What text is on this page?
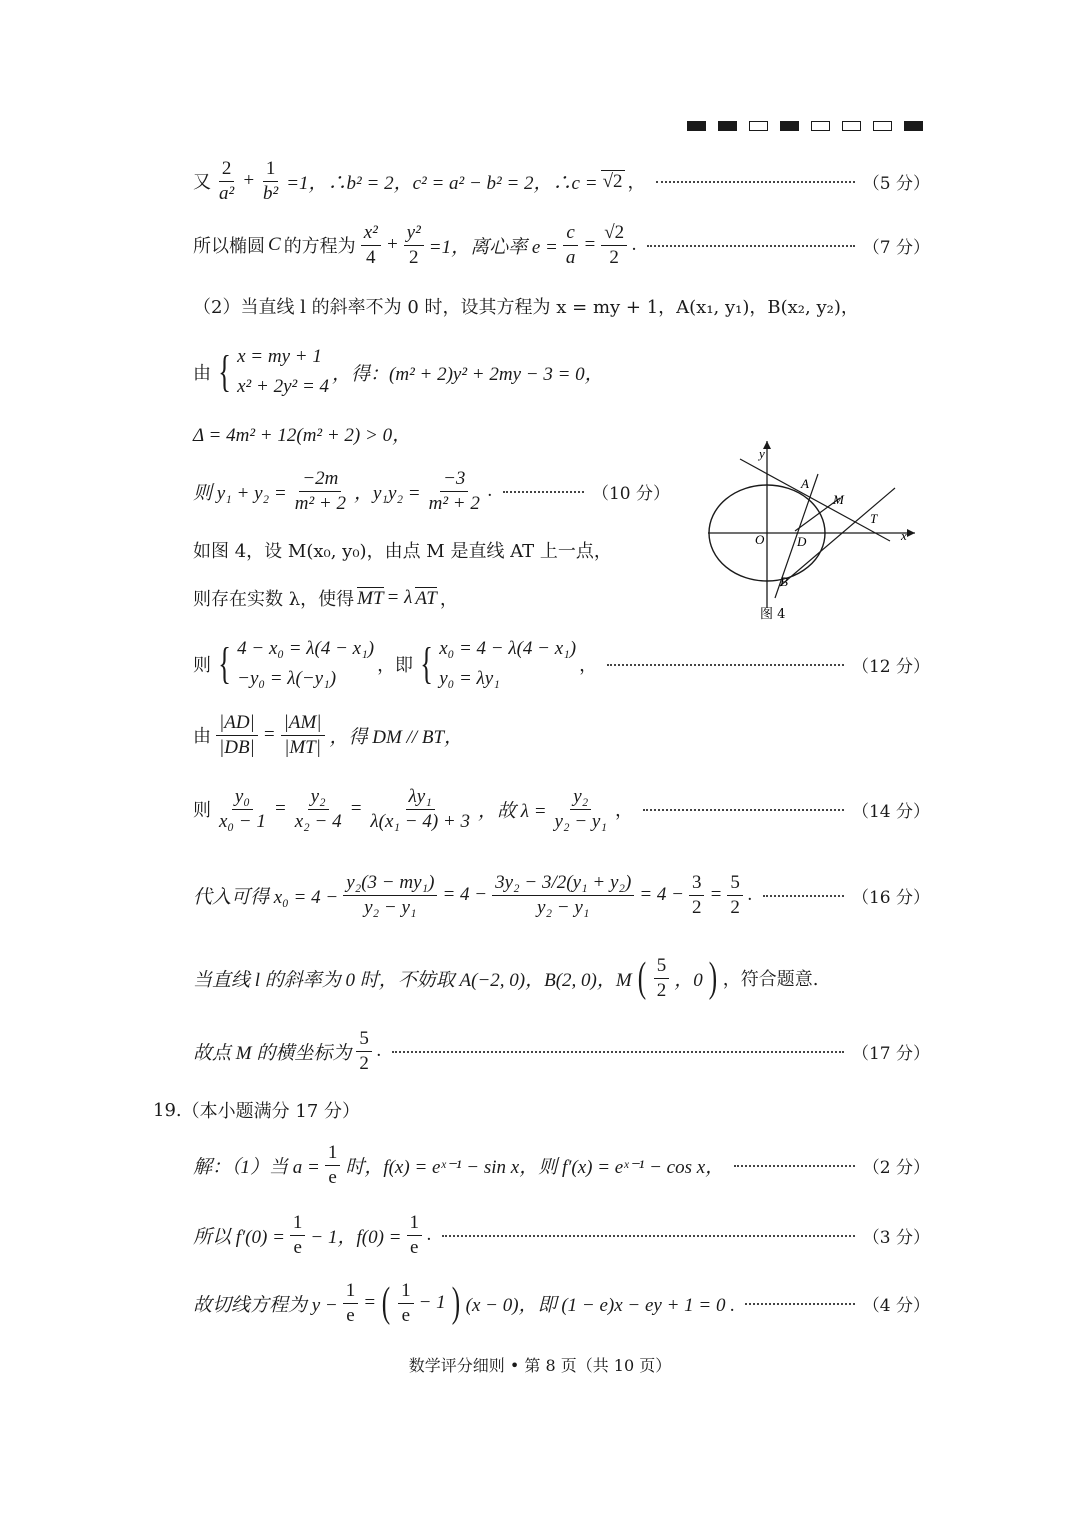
又 $\frac{2}{\text{a²}} + \frac{1}{\text{b²}} =1$，∴b² = 2，c² = a² − b² = 2，∴c = √2 ，	（5 分）
所以椭圆 C 的方程为 $\frac{\text{x²}}{4} + \frac{\text{y²}}{2} =1$，离心率 $e = \frac{c}{a} = \frac{√2}{2}$ .	（7 分）
（2）当直线 l 的斜率不为 0 时，设其方程为 x = my + 1，A(x₁, y₁)，B(x₂, y₂)，
由 { x = my + 1
x² + 2y² = 4
，得：(m² + 2)y² + 2my − 3 = 0，
Δ = 4m² + 12(m² + 2) > 0，
则 $y_1 + y_2 = \frac{-2m}{\text{m² + 2}}$ ，$y_1y_2 = \frac{-3}{\text{m² + 2}}$ .	（10 分）
如图 4，设 M(x₀, y₀)，由点 M 是直线 AT 上一点，
则存在实数 λ，使得 MT = λ AT ，
y
x
O	D
A
M
T
B
图 4
则 { 4 − x₀ = λ(4 − x₁)
−y₀ = λ(−y₁)
，即 { x₀ = 4 − λ(4 − x₁)
y₀ = λy₁
，	（12 分）
由 $\frac{|AD|}{|DB|} = \frac{|AM|}{|MT|}$ ，得 DM // BT，
则 $\frac{\text{y₀}}{\text{x₀ − 1}} = \frac{\text{y₂}}{\text{x₂ − 4}} = \frac{\text{λy₁}}{\text{λ(x₁ − 4) + 3}}$ ，故 $\lambda = \frac{\text{y₂}}{\text{y₂ − y₁}}$ ，	（14 分）
代入可得 $x_0 = 4 - \frac{\text{y₂(3 − my₁)}}{\text{y₂ − y₁}} = 4 - \frac{\text{3y₂ − 3/2(y₁ + y₂)}}{\text{y₂ − y₁}} = 4 - \frac{3}{2} = \frac{5}{2}$ .	（16 分）
当直线 l 的斜率为 0 时，不妨取 A(−2, 0)，B(2, 0)，M ( $\frac{5}{2}$ ，0 ) ，符合题意.
故点 M 的横坐标为 $\frac{5}{2}$ .	（17 分）
19. （本小题满分 17 分）
解：（1）当 $a = \frac{1}{e}$ 时，f(x) = eˣ⁻¹ − sin x，则 f′(x) = eˣ⁻¹ − cos x，	（2 分）
所以 $f'(0) = \frac{1}{e} - 1$，$f(0) = \frac{1}{e}$ .	（3 分）
故切线方程为 $y - \frac{1}{e}$ = ( $\frac{1}{e} - 1$ ) (x − 0)，即 (1 − e)x − ey + 1 = 0 .	（4 分）
数学评分细则 • 第 8 页（共 10 页）
